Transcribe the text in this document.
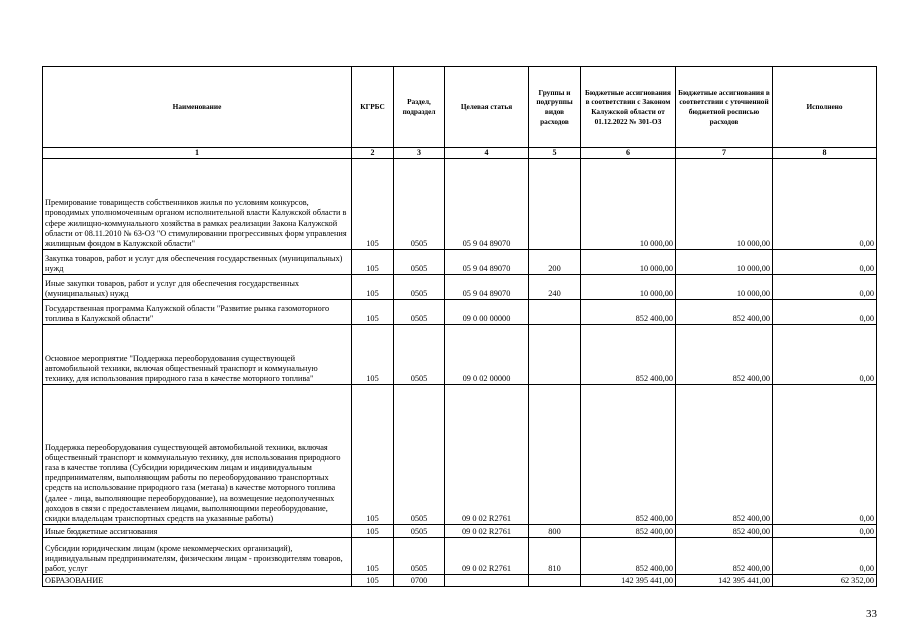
Наименование	КГРБС	Раздел, подраздел	Целевая статья	Группы и подгруппы видов расходов	Бюджетные ассигнования в соответствии с Законом Калужской области от 01.12.2022 № 301-ОЗ	Бюджетные ассигнования в соответствии с уточненной бюджетной росписью расходов	Исполнено
1	2	3	4	5	6	7	8
Премирование товариществ собственников жилья по условиям конкурсов, проводимых уполномоченным органом исполнительной власти Калужской области в сфере жилищно-коммунального хозяйства в рамках реализации Закона Калужской области от 08.11.2010 № 63-ОЗ "О стимулировании прогрессивных форм управления жилищным фондом в Калужской области"	105	0505	05 9 04 89070		10 000,00	10 000,00	0,00
Закупка товаров, работ и услуг для обеспечения государственных (муниципальных) нужд	105	0505	05 9 04 89070	200	10 000,00	10 000,00	0,00
Иные закупки товаров, работ и услуг для обеспечения государственных (муниципальных) нужд	105	0505	05 9 04 89070	240	10 000,00	10 000,00	0,00
Государственная программа Калужской области "Развитие рынка газомоторного топлива в Калужской области"	105	0505	09 0 00 00000		852 400,00	852 400,00	0,00
Основное мероприятие "Поддержка переоборудования существующей автомобильной техники, включая общественный транспорт и коммунальную технику, для использования природного газа в качестве моторного топлива"	105	0505	09 0 02 00000		852 400,00	852 400,00	0,00
Поддержка переоборудования существующей автомобильной техники, включая общественный транспорт и коммунальную технику, для использования природного газа в качестве топлива (Субсидии юридическим лицам и индивидуальным предпринимателям, выполняющим работы по переоборудованию транспортных средств на использование природного газа (метана) в качестве моторного топлива (далее - лица, выполняющие переоборудование), на возмещение недополученных доходов в связи с предоставлением лицами, выполняющими переоборудование, скидки владельцам транспортных средств на указанные работы)	105	0505	09 0 02 R2761		852 400,00	852 400,00	0,00
Иные бюджетные ассигнования	105	0505	09 0 02 R2761	800	852 400,00	852 400,00	0,00
Субсидии юридическим лицам (кроме некоммерческих организаций), индивидуальным предпринимателям, физическим лицам - производителям товаров, работ, услуг	105	0505	09 0 02 R2761	810	852 400,00	852 400,00	0,00
ОБРАЗОВАНИЕ	105	0700			142 395 441,00	142 395 441,00	62 352,00
33
